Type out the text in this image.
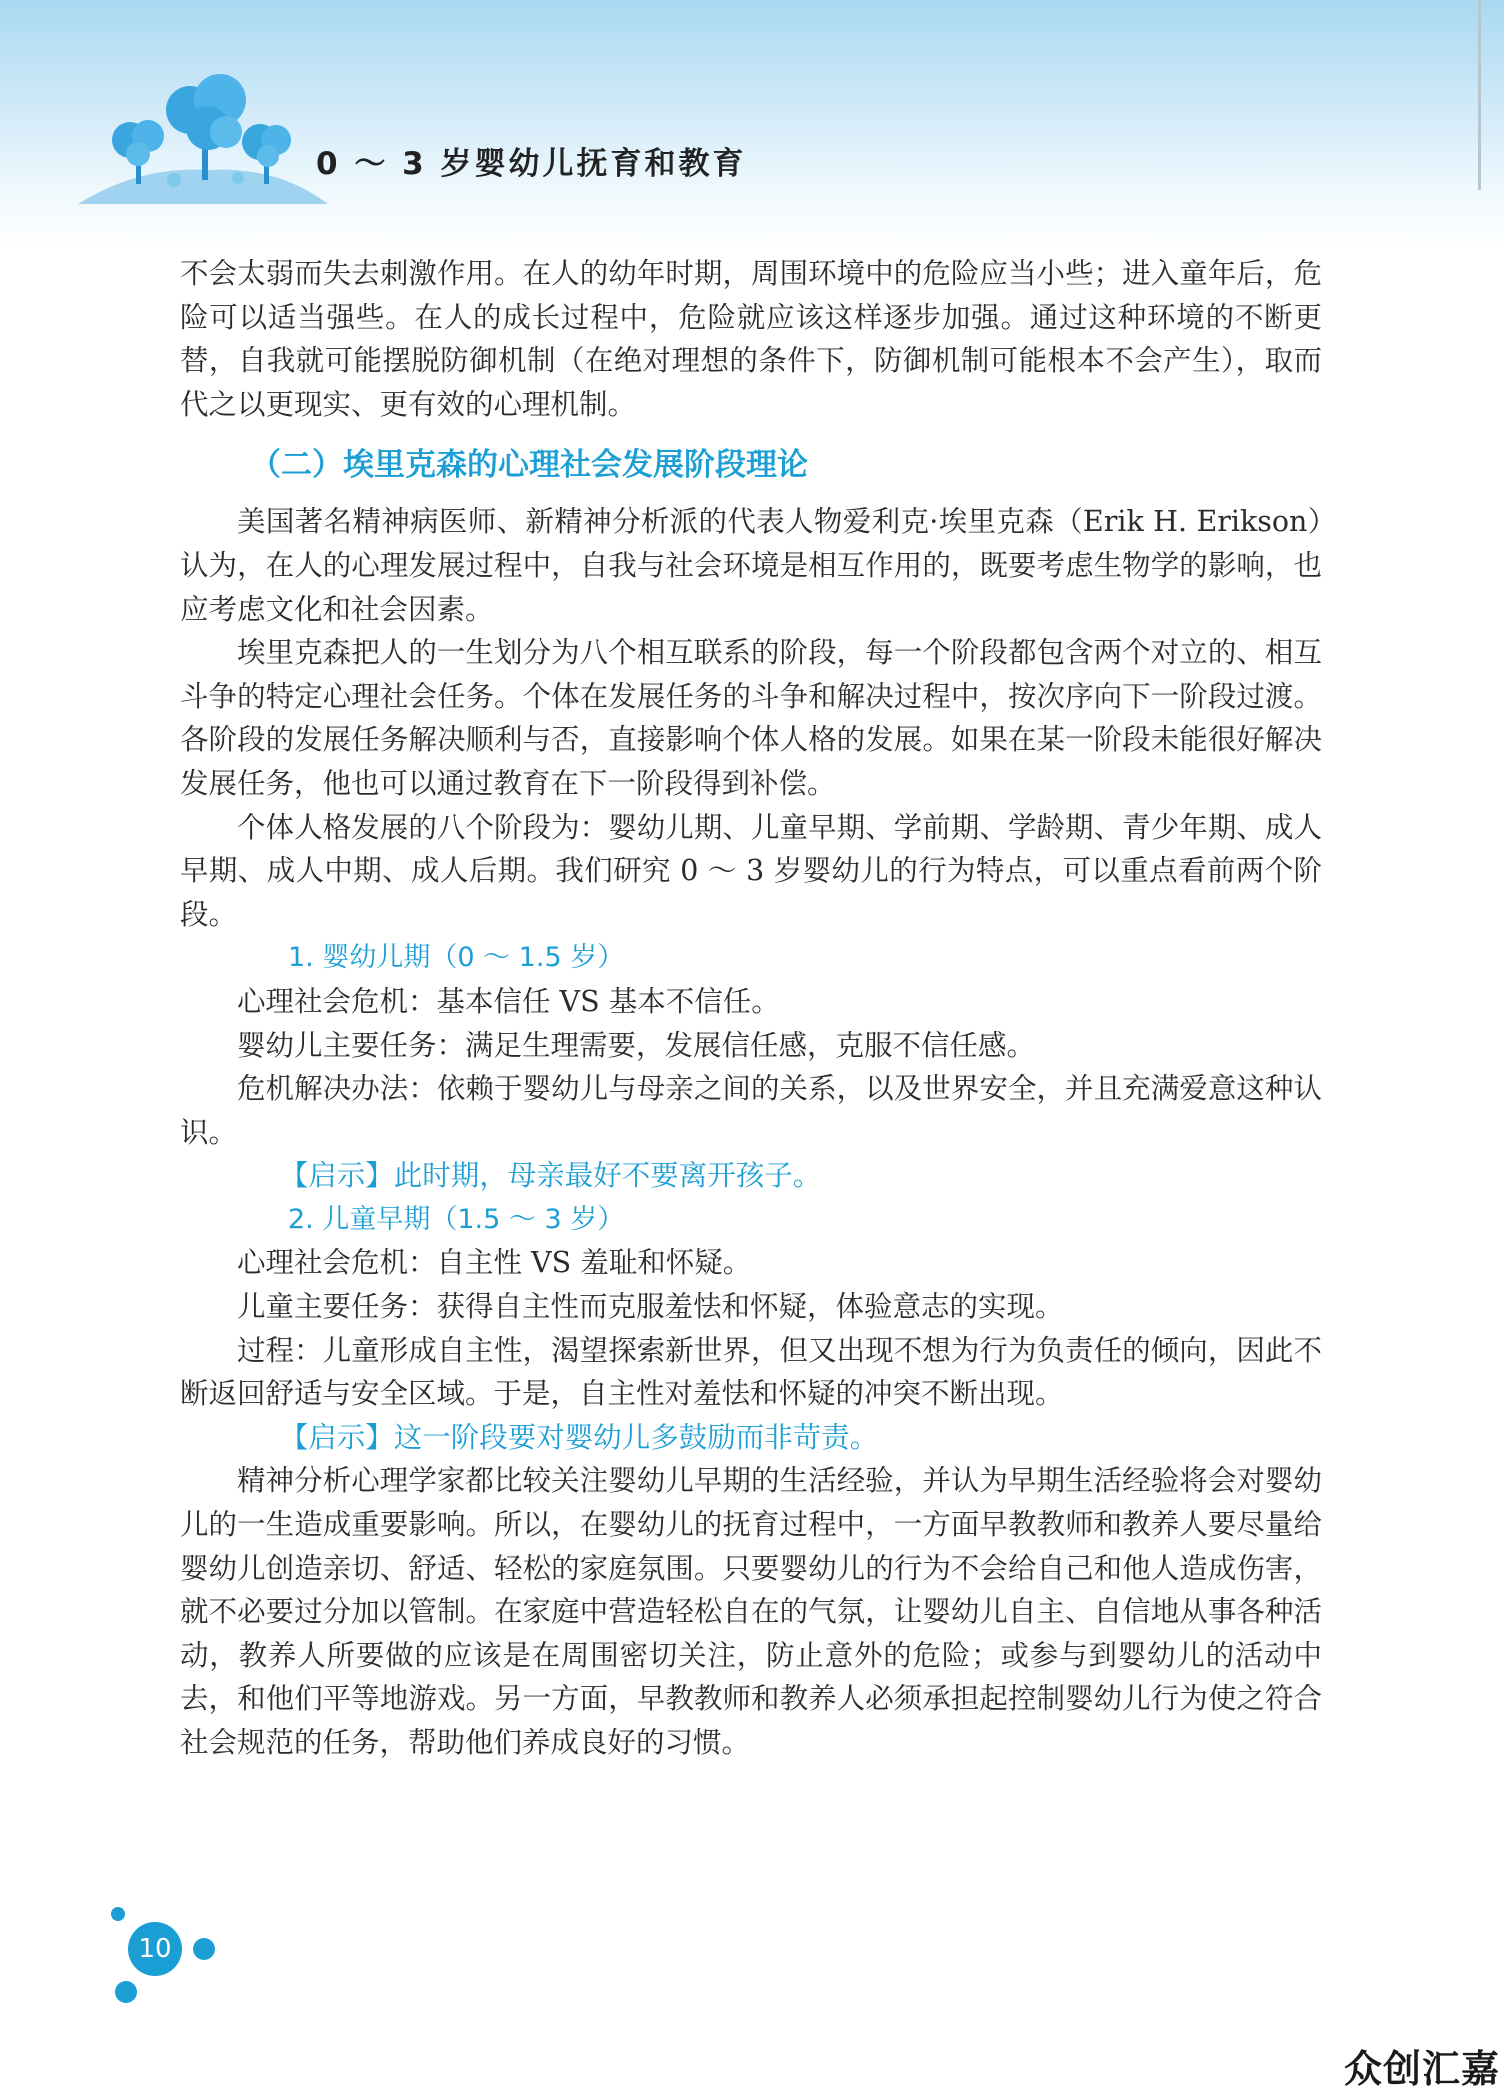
0 ～ 3 岁婴幼儿抚育和教育

不会太弱而失去刺激作用。在人的幼年时期，周围环境中的危险应当小些；进入童年后，危险可以适当强些。在人的成长过程中，危险就应该这样逐步加强。通过这种环境的不断更替，自我就可能摆脱防御机制（在绝对理想的条件下，防御机制可能根本不会产生），取而代之以更现实、更有效的心理机制。

（二）埃里克森的心理社会发展阶段理论

美国著名精神病医师、新精神分析派的代表人物爱利克·埃里克森（Erik H. Erikson）认为，在人的心理发展过程中，自我与社会环境是相互作用的，既要考虑生物学的影响，也应考虑文化和社会因素。

埃里克森把人的一生划分为八个相互联系的阶段，每一个阶段都包含两个对立的、相互斗争的特定心理社会任务。个体在发展任务的斗争和解决过程中，按次序向下一阶段过渡。各阶段的发展任务解决顺利与否，直接影响个体人格的发展。如果在某一阶段未能很好解决发展任务，他也可以通过教育在下一阶段得到补偿。

个体人格发展的八个阶段为：婴幼儿期、儿童早期、学前期、学龄期、青少年期、成人早期、成人中期、成人后期。我们研究 0 ～ 3 岁婴幼儿的行为特点，可以重点看前两个阶段。

1. 婴幼儿期（0 ～ 1.5 岁）

心理社会危机：基本信任 VS 基本不信任。

婴幼儿主要任务：满足生理需要，发展信任感，克服不信任感。

危机解决办法：依赖于婴幼儿与母亲之间的关系，以及世界安全，并且充满爱意这种认识。

【启示】此时期，母亲最好不要离开孩子。

2. 儿童早期（1.5 ～ 3 岁）

心理社会危机：自主性 VS 羞耻和怀疑。

儿童主要任务：获得自主性而克服羞怯和怀疑，体验意志的实现。

过程：儿童形成自主性，渴望探索新世界，但又出现不想为行为负责任的倾向，因此不断返回舒适与安全区域。于是，自主性对羞怯和怀疑的冲突不断出现。

【启示】这一阶段要对婴幼儿多鼓励而非苛责。

精神分析心理学家都比较关注婴幼儿早期的生活经验，并认为早期生活经验将会对婴幼儿的一生造成重要影响。所以，在婴幼儿的抚育过程中，一方面早教教师和教养人要尽量给婴幼儿创造亲切、舒适、轻松的家庭氛围。只要婴幼儿的行为不会给自己和他人造成伤害，就不必要过分加以管制。在家庭中营造轻松自在的气氛，让婴幼儿自主、自信地从事各种活动，教养人所要做的应该是在周围密切关注，防止意外的危险；或参与到婴幼儿的活动中去，和他们平等地游戏。另一方面，早教教师和教养人必须承担起控制婴幼儿行为使之符合社会规范的任务，帮助他们养成良好的习惯。

10
众创汇嘉
